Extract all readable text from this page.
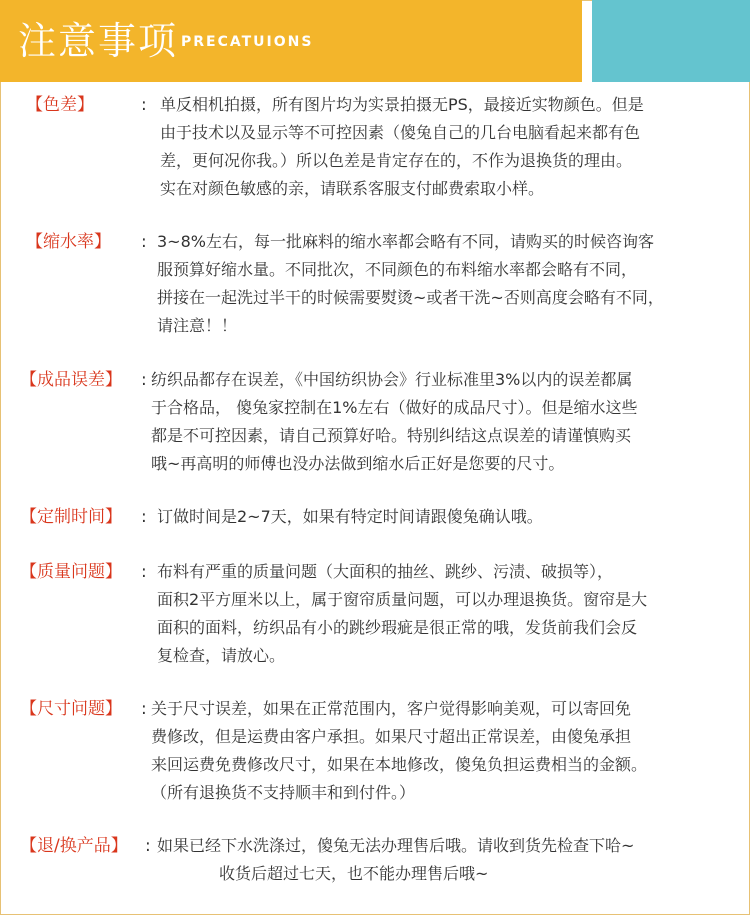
注意事项 PRECATUIONS
【色差】	: 单反相机拍摄，所有图片均为实景拍摄无PS，最接近实物颜色。但是
由于技术以及显示等不可控因素（傻兔自己的几台电脑看起来都有色
差，更何况你我。）所以色差是肯定存在的，不作为退换货的理由。
实在对颜色敏感的亲，请联系客服支付邮费索取小样。
【缩水率】 : 3~8%左右，每一批麻料的缩水率都会略有不同，请购买的时候咨询客
服预算好缩水量。不同批次，不同颜色的布料缩水率都会略有不同，
拼接在一起洗过半干的时候需要熨烫~或者干洗~否则高度会略有不同，
请注意！！
【成品误差】 : 纺织品都存在误差，《中国纺织协会》行业标准里3%以内的误差都属
于合格品， 傻兔家控制在1%左右（做好的成品尺寸）。但是缩水这些
都是不可控因素，请自己预算好哈。特别纠结这点误差的请谨慎购买
哦~再高明的师傅也没办法做到缩水后正好是您要的尺寸。
【定制时间】 : 订做时间是2~7天，如果有特定时间请跟傻兔确认哦。
【质量问题】 : 布料有严重的质量问题（大面积的抽丝、跳纱、污渍、破损等），
面积2平方厘米以上，属于窗帘质量问题，可以办理退换货。窗帘是大
面积的面料，纺织品有小的跳纱瑕疵是很正常的哦，发货前我们会反
复检查，请放心。
【尺寸问题】 : 关于尺寸误差，如果在正常范围内，客户觉得影响美观，可以寄回免
费修改，但是运费由客户承担。如果尺寸超出正常误差，由傻兔承担
来回运费免费修改尺寸，如果在本地修改，傻兔负担运费相当的金额。
（所有退换货不支持顺丰和到付件。）
【退/换产品】 : 如果已经下水洗涤过，傻兔无法办理售后哦。请收到货先检查下哈~
收货后超过七天，也不能办理售后哦~
